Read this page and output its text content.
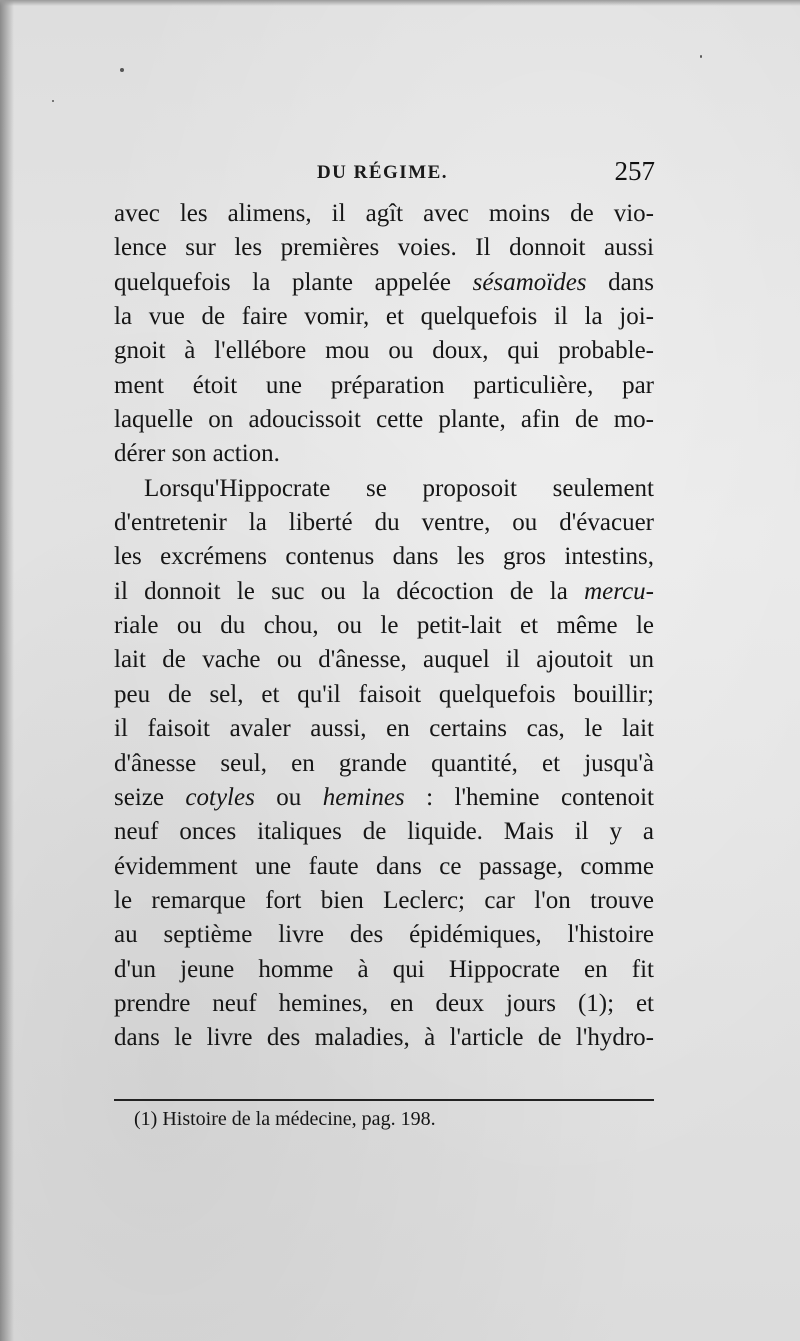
DU RÉGIME.	257
avec les alimens, il agît avec moins de vio-
lence sur les premières voies. Il donnoit aussi
quelquefois la plante appelée sésamoïdes dans
la vue de faire vomir, et quelquefois il la joi-
gnoit à l'ellébore mou ou doux, qui probable-
ment étoit une préparation particulière, par
laquelle on adoucissoit cette plante, afin de mo-
dérer son action.
Lorsqu'Hippocrate se proposoit seulement
d'entretenir la liberté du ventre, ou d'évacuer
les excrémens contenus dans les gros intestins,
il donnoit le suc ou la décoction de la mercu-
riale ou du chou, ou le petit-lait et même le
lait de vache ou d'ânesse, auquel il ajoutoit un
peu de sel, et qu'il faisoit quelquefois bouillir;
il faisoit avaler aussi, en certains cas, le lait
d'ânesse seul, en grande quantité, et jusqu'à
seize cotyles ou hemines : l'hemine contenoit
neuf onces italiques de liquide. Mais il y a
évidemment une faute dans ce passage, comme
le remarque fort bien Leclerc; car l'on trouve
au septième livre des épidémiques, l'histoire
d'un jeune homme à qui Hippocrate en fit
prendre neuf hemines, en deux jours (1); et
dans le livre des maladies, à l'article de l'hydro-
(1) Histoire de la médecine, pag. 198.
